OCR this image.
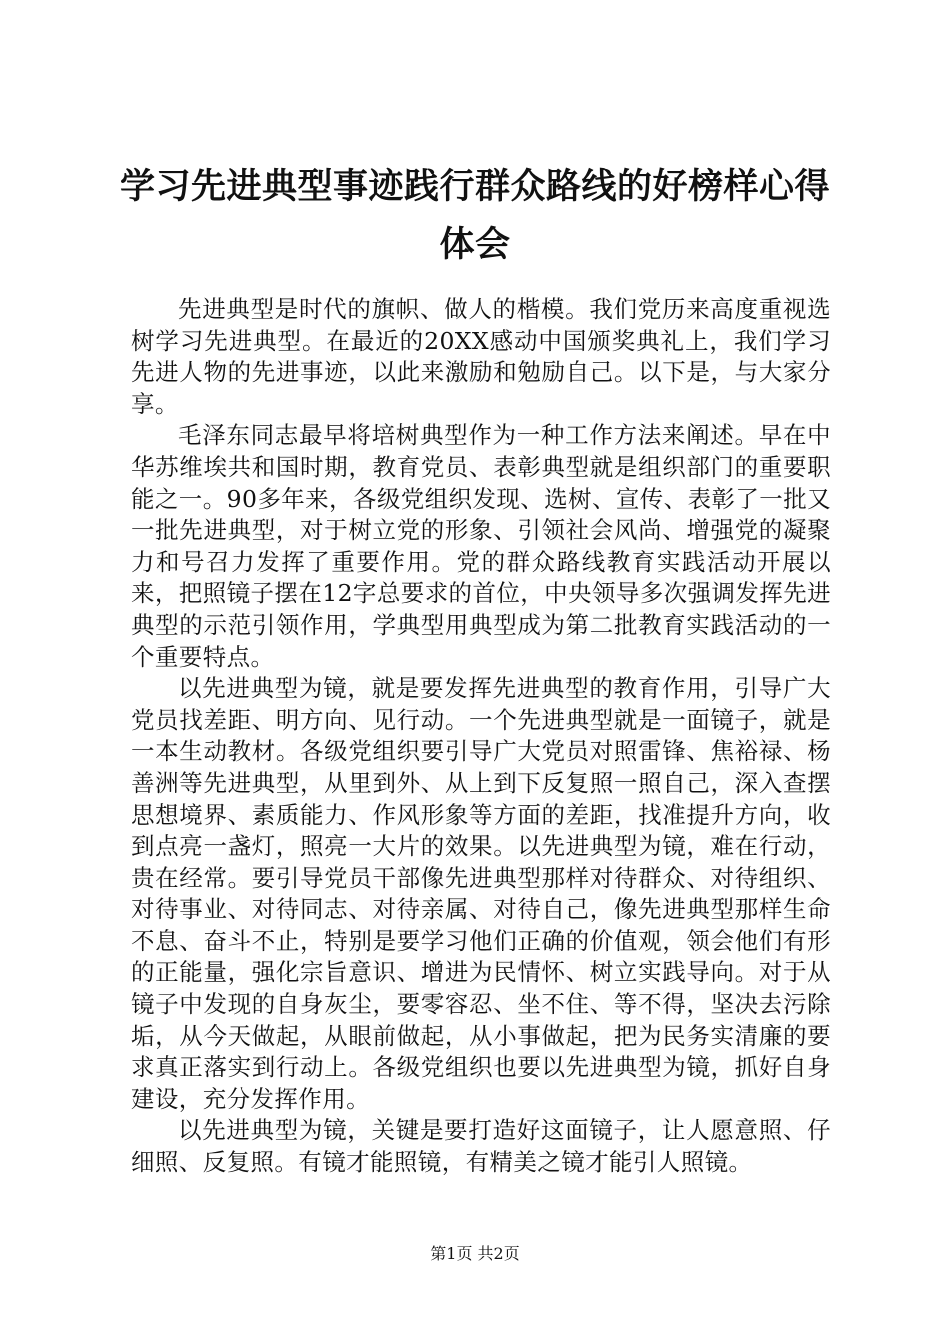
学习先进典型事迹践行群众路线的好榜样心得体会

先进典型是时代的旗帜、做人的楷模。我们党历来高度重视选树学习先进典型。在最近的20XX感动中国颁奖典礼上，我们学习先进人物的先进事迹，以此来激励和勉励自己。以下是，与大家分享。

毛泽东同志最早将培树典型作为一种工作方法来阐述。早在中华苏维埃共和国时期，教育党员、表彰典型就是组织部门的重要职能之一。90多年来，各级党组织发现、选树、宣传、表彰了一批又一批先进典型，对于树立党的形象、引领社会风尚、增强党的凝聚力和号召力发挥了重要作用。党的群众路线教育实践活动开展以来，把照镜子摆在12字总要求的首位，中央领导多次强调发挥先进典型的示范引领作用，学典型用典型成为第二批教育实践活动的一个重要特点。

以先进典型为镜，就是要发挥先进典型的教育作用，引导广大党员找差距、明方向、见行动。一个先进典型就是一面镜子，就是一本生动教材。各级党组织要引导广大党员对照雷锋、焦裕禄、杨善洲等先进典型，从里到外、从上到下反复照一照自己，深入查摆思想境界、素质能力、作风形象等方面的差距，找准提升方向，收到点亮一盏灯，照亮一大片的效果。以先进典型为镜，难在行动，贵在经常。要引导党员干部像先进典型那样对待群众、对待组织、对待事业、对待同志、对待亲属、对待自己，像先进典型那样生命不息、奋斗不止，特别是要学习他们正确的价值观，领会他们有形的正能量，强化宗旨意识、增进为民情怀、树立实践导向。对于从镜子中发现的自身灰尘，要零容忍、坐不住、等不得，坚决去污除垢，从今天做起，从眼前做起，从小事做起，把为民务实清廉的要求真正落实到行动上。各级党组织也要以先进典型为镜，抓好自身建设，充分发挥作用。

以先进典型为镜，关键是要打造好这面镜子，让人愿意照、仔细照、反复照。有镜才能照镜，有精美之镜才能引人照镜。

第1页 共2页
